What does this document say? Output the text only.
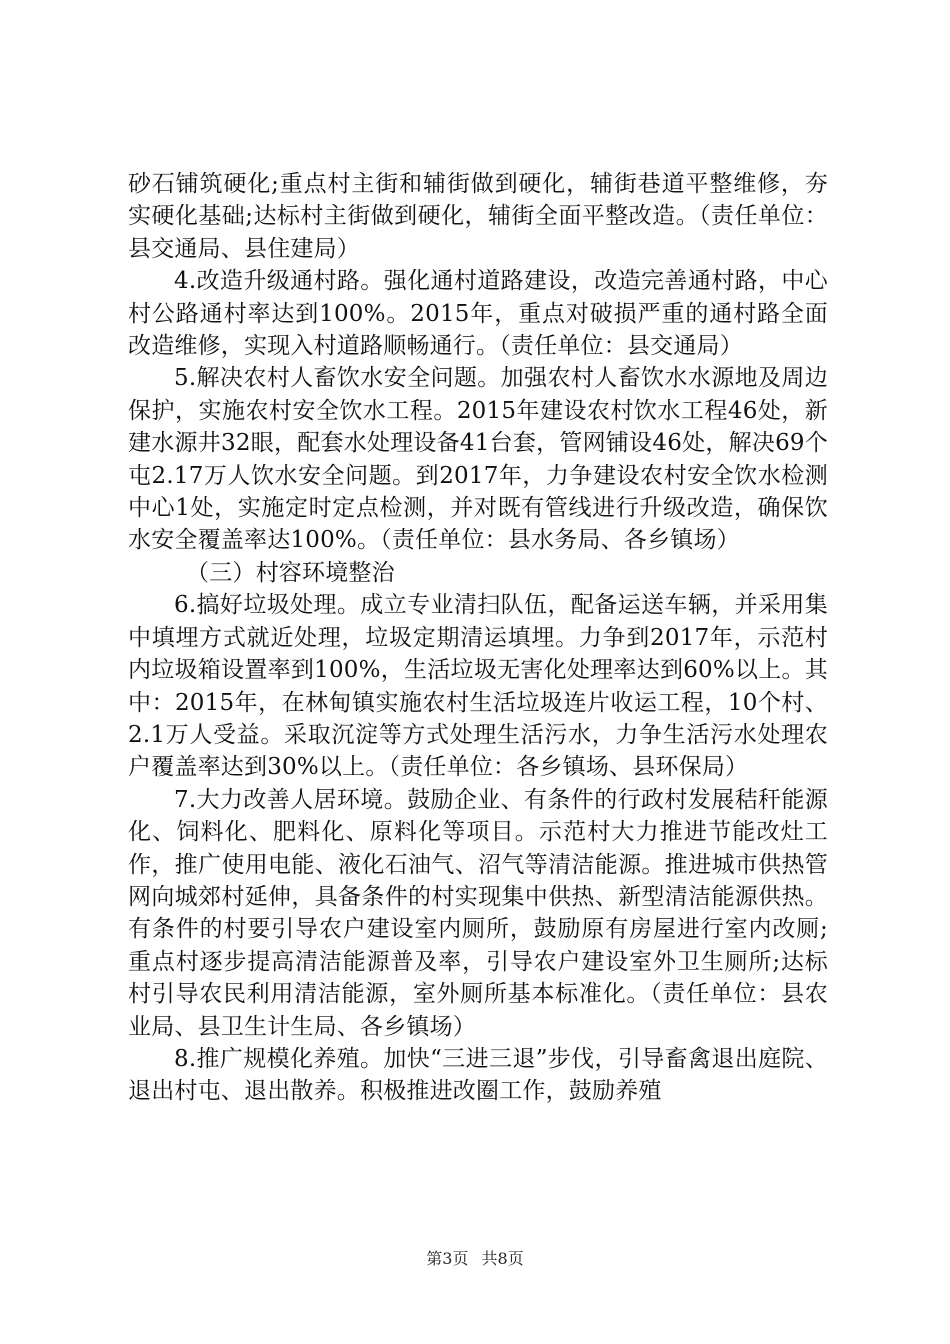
砂石铺筑硬化;重点村主街和辅街做到硬化，辅街巷道平整维修，夯实硬化基础;达标村主街做到硬化，辅街全面平整改造。（责任单位：县交通局、县住建局）

4.改造升级通村路。强化通村道路建设，改造完善通村路，中心村公路通村率达到100%。2015年，重点对破损严重的通村路全面改造维修，实现入村道路顺畅通行。（责任单位：县交通局）

5.解决农村人畜饮水安全问题。加强农村人畜饮水水源地及周边保护，实施农村安全饮水工程。2015年建设农村饮水工程46处，新建水源井32眼，配套水处理设备41台套，管网铺设46处，解决69个屯2.17万人饮水安全问题。到2017年，力争建设农村安全饮水检测中心1处，实施定时定点检测，并对既有管线进行升级改造，确保饮水安全覆盖率达100%。（责任单位：县水务局、各乡镇场）

（三）村容环境整治

6.搞好垃圾处理。成立专业清扫队伍，配备运送车辆，并采用集中填埋方式就近处理，垃圾定期清运填埋。力争到2017年，示范村内垃圾箱设置率到100%，生活垃圾无害化处理率达到60%以上。其中：2015年，在林甸镇实施农村生活垃圾连片收运工程，10个村、2.1万人受益。采取沉淀等方式处理生活污水，力争生活污水处理农户覆盖率达到30%以上。（责任单位：各乡镇场、县环保局）

7.大力改善人居环境。鼓励企业、有条件的行政村发展秸秆能源化、饲料化、肥料化、原料化等项目。示范村大力推进节能改灶工作，推广使用电能、液化石油气、沼气等清洁能源。推进城市供热管网向城郊村延伸，具备条件的村实现集中供热、新型清洁能源供热。有条件的村要引导农户建设室内厕所，鼓励原有房屋进行室内改厕;重点村逐步提高清洁能源普及率，引导农户建设室外卫生厕所;达标村引导农民利用清洁能源，室外厕所基本标准化。（责任单位：县农业局、县卫生计生局、各乡镇场）

8.推广规模化养殖。加快“三进三退”步伐，引导畜禽退出庭院、退出村屯、退出散养。积极推进改圈工作，鼓励养殖

第3页 共8页
